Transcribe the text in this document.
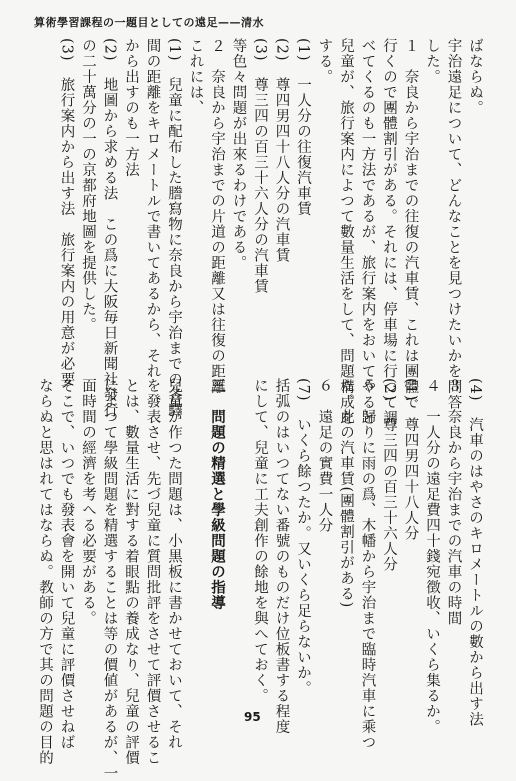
算術學習課程の一題目としての遠足——清水
ばならぬ。
宇治遠足について、どんなことを見つけたいかを問答
した。
１　奈良から宇治までの往復の汽車賃、これは團體で
行くので團體割引がある。それには、停車場に行つて調
べてくるのも一方法であるが、旅行案内をおいてやると
兒童が、旅行案内によつて數量生活をして、問題構成を
する。
(1)　一人分の往復汽車賃
(2)　尊四男四十八人分の汽車賃
(3)　尊三四の百三十六人分の汽車賃
等色々問題が出來るわけである。
２　奈良から宇治までの片道の距離又は往復の距離
これには、
(1)　兒童に配布した謄寫物に奈良から宇治までの各驛
間の距離をキロメートルで書いてあるから、それ
から出すのも一方法
(2)　地圖から求める法　この爲に大阪毎日新聞社發行
の二十萬分の一の京都府地圖を提供した。
(3)　旅行案内から出す法　旅行案内の用意が必要
(4)　汽車のはやさのキロメートルの數から出す法
３　奈良から宇治までの汽車の時間
４　一人分の遠足費四十錢宛徴收、いくら集るか。
(1)　尊四男四十八人分
(2)　尊三四の百三十六人分
５　歸りに雨の爲、木幡から宇治まで臨時汽車に乘つ
た。此の汽車賃(團體割引がある)
６　遠足の實費一人分
(7)　いくら餘つたか。又いくら足らないか。
括弧のはいつてない番號のものだけ位板書する程度
にして、兒童に工夫創作の餘地を與へておく。
三　問題の精選と學級問題の指導
兒童が作つた問題は、小黒板に書かせておいて、それ
を發表させ、先づ兒童に質問批評をさせて評價させるこ
とは、數量生活に對する着眼點の養成なり、兒童の評價
によつて學級問題を精選することは等の價値があるが、一
面時間の經濟を考へる必要がある。
そこで、いつでも發表會を開いて兒童に評價させねば
ならぬと思はれてはならぬ。教師の方で其の問題の目的	95
